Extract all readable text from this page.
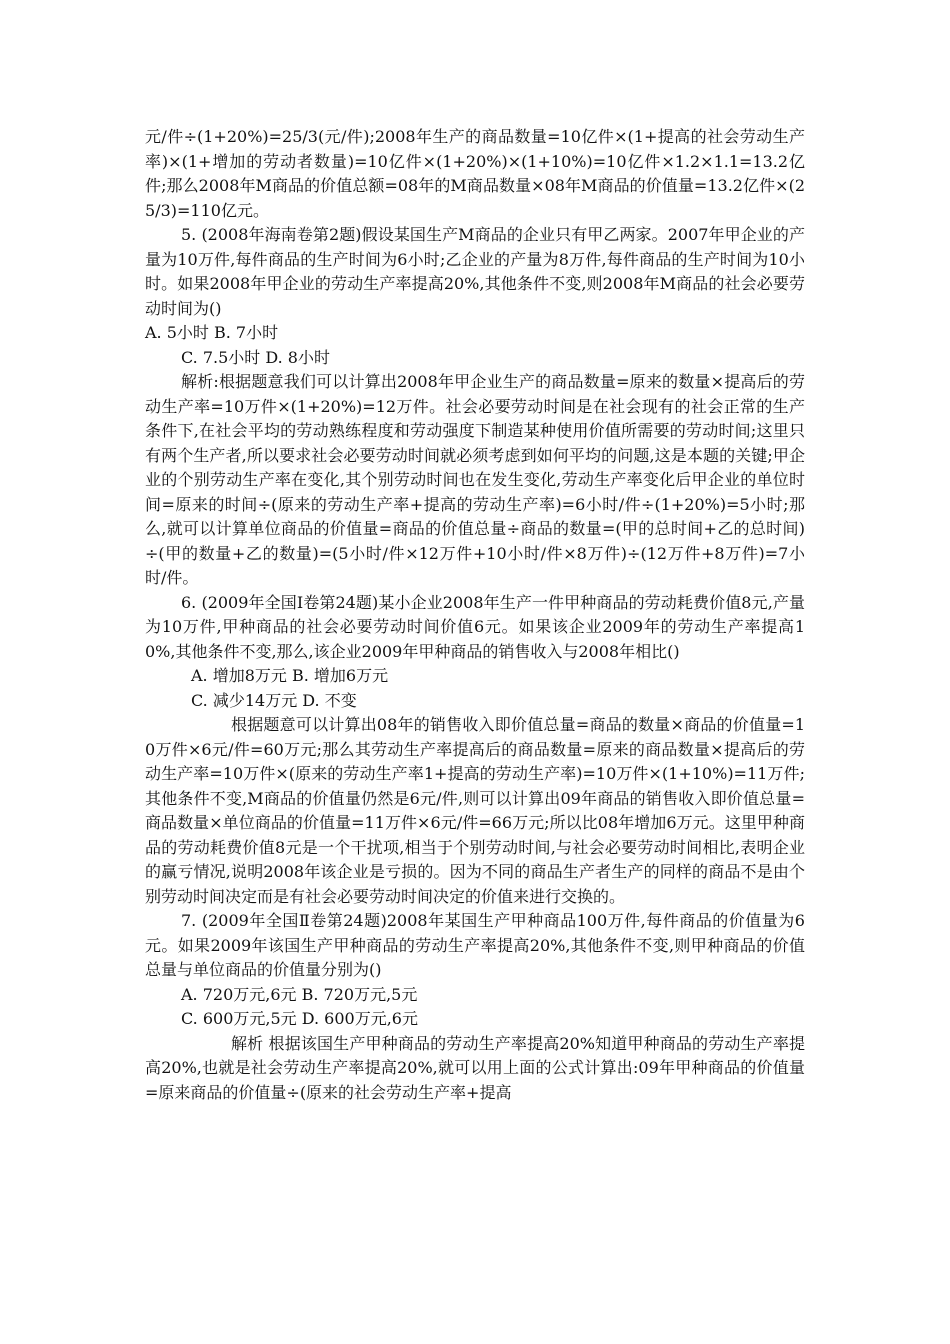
元/件÷(1+20%)=25/3(元/件);2008年生产的商品数量=10亿件×(1+提高的社会劳动生产率)×(1+增加的劳动者数量)=10亿件×(1+20%)×(1+10%)=10亿件×1.2×1.1=13.2亿件;那么2008年M商品的价值总额=08年的M商品数量×08年M商品的价值量=13.2亿件×(25/3)=110亿元。

5. (2008年海南卷第2题)假设某国生产M商品的企业只有甲乙两家。2007年甲企业的产量为10万件,每件商品的生产时间为6小时;乙企业的产量为8万件,每件商品的生产时间为10小时。如果2008年甲企业的劳动生产率提高20%,其他条件不变,则2008年M商品的社会必要劳动时间为()

A. 5小时 B. 7小时

C. 7.5小时 D. 8小时

解析:根据题意我们可以计算出2008年甲企业生产的商品数量=原来的数量×提高后的劳动生产率=10万件×(1+20%)=12万件。社会必要劳动时间是在社会现有的社会正常的生产条件下,在社会平均的劳动熟练程度和劳动强度下制造某种使用价值所需要的劳动时间;这里只有两个生产者,所以要求社会必要劳动时间就必须考虑到如何平均的问题,这是本题的关键;甲企业的个别劳动生产率在变化,其个别劳动时间也在发生变化,劳动生产率变化后甲企业的单位时间=原来的时间÷(原来的劳动生产率+提高的劳动生产率)=6小时/件÷(1+20%)=5小时;那么,就可以计算单位商品的价值量=商品的价值总量÷商品的数量=(甲的总时间+乙的总时间)÷(甲的数量+乙的数量)=(5小时/件×12万件+10小时/件×8万件)÷(12万件+8万件)=7小时/件。

6. (2009年全国Ⅰ卷第24题)某小企业2008年生产一件甲种商品的劳动耗费价值8元,产量为10万件,甲种商品的社会必要劳动时间价值6元。如果该企业2009年的劳动生产率提高10%,其他条件不变,那么,该企业2009年甲种商品的销售收入与2008年相比()

A. 增加8万元 B. 增加6万元

C. 减少14万元 D. 不变

根据题意可以计算出08年的销售收入即价值总量=商品的数量×商品的价值量=10万件×6元/件=60万元;那么其劳动生产率提高后的商品数量=原来的商品数量×提高后的劳动生产率=10万件×(原来的劳动生产率1+提高的劳动生产率)=10万件×(1+10%)=11万件;其他条件不变,M商品的价值量仍然是6元/件,则可以计算出09年商品的销售收入即价值总量=商品数量×单位商品的价值量=11万件×6元/件=66万元;所以比08年增加6万元。这里甲种商品的劳动耗费价值8元是一个干扰项,相当于个别劳动时间,与社会必要劳动时间相比,表明企业的赢亏情况,说明2008年该企业是亏损的。因为不同的商品生产者生产的同样的商品不是由个别劳动时间决定而是有社会必要劳动时间决定的价值来进行交换的。

7. (2009年全国Ⅱ卷第24题)2008年某国生产甲种商品100万件,每件商品的价值量为6元。如果2009年该国生产甲种商品的劳动生产率提高20%,其他条件不变,则甲种商品的价值总量与单位商品的价值量分别为()

A. 720万元,6元 B. 720万元,5元

C. 600万元,5元 D. 600万元,6元

解析 根据该国生产甲种商品的劳动生产率提高20%知道甲种商品的劳动生产率提高20%,也就是社会劳动生产率提高20%,就可以用上面的公式计算出:09年甲种商品的价值量=原来商品的价值量÷(原来的社会劳动生产率+提高
